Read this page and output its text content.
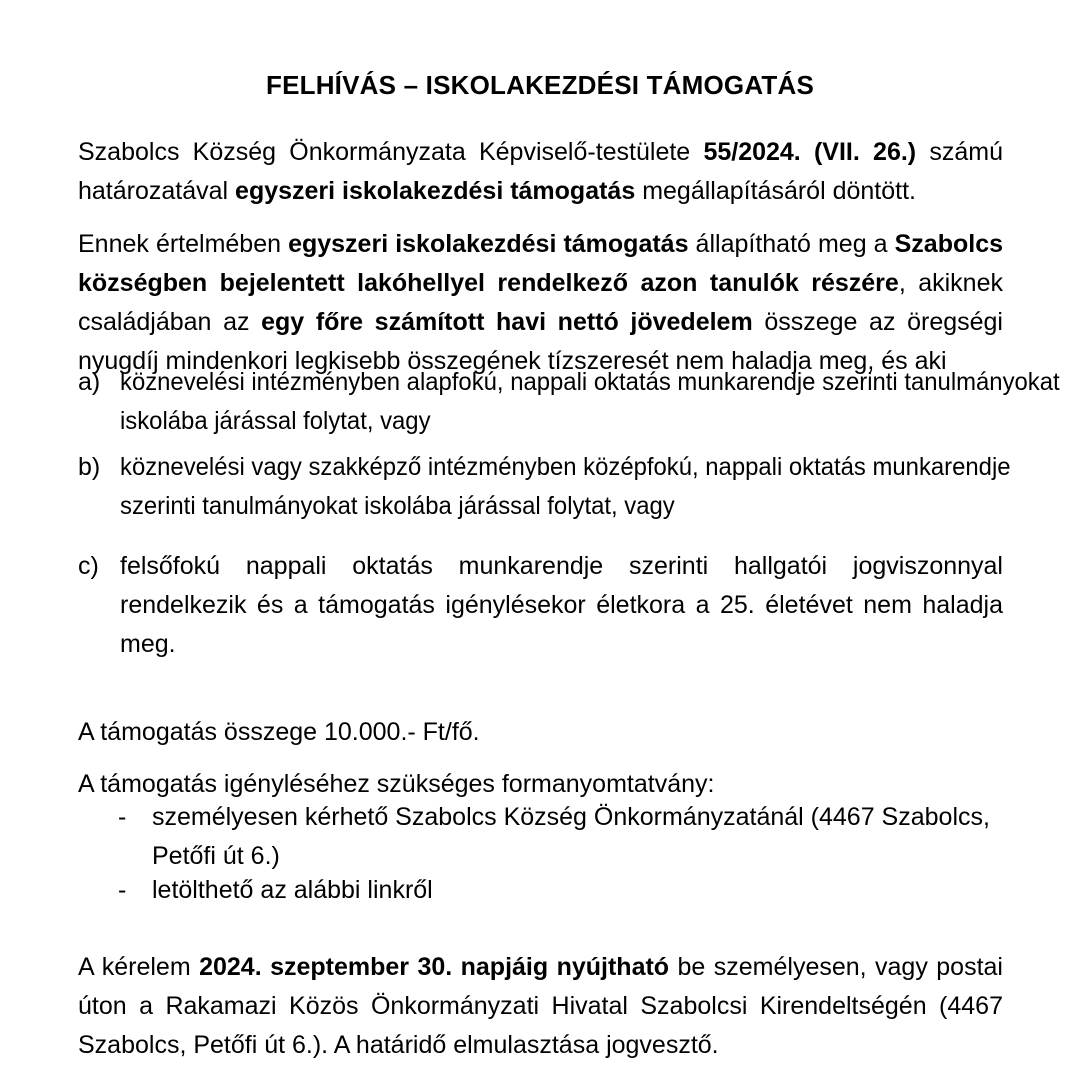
FELHÍVÁS – ISKOLAKEZDÉSI TÁMOGATÁS

Szabolcs Község Önkormányzata Képviselő-testülete 55/2024. (VII. 26.) számú határozatával egyszeri iskolakezdési támogatás megállapításáról döntött.

Ennek értelmében egyszeri iskolakezdési támogatás állapítható meg a Szabolcs községben bejelentett lakóhellyel rendelkező azon tanulók részére, akiknek családjában az egy főre számított havi nettó jövedelem összege az öregségi nyugdíj mindenkori legkisebb összegének tízszeresét nem haladja meg, és aki

a) köznevelési intézményben alapfokú, nappali oktatás munkarendje szerinti tanulmányokat iskolába járással folytat, vagy
b) köznevelési vagy szakképző intézményben középfokú, nappali oktatás munkarendje szerinti tanulmányokat iskolába járással folytat, vagy
c) felsőfokú nappali oktatás munkarendje szerinti hallgatói jogviszonnyal rendelkezik és a támogatás igénylésekor életkora a 25. életévet nem haladja meg.

A támogatás összege 10.000.- Ft/fő.

A támogatás igényléséhez szükséges formanyomtatvány:

-	személyesen kérhető Szabolcs Község Önkormányzatánál (4467 Szabolcs, Petőfi út 6.)
-	letölthető az alábbi linkről

A kérelem 2024. szeptember 30. napjáig nyújtható be személyesen, vagy postai úton a Rakamazi Közös Önkormányzati Hivatal Szabolcsi Kirendeltségén (4467 Szabolcs, Petőfi út 6.). A határidő elmulasztása jogvesztő.
